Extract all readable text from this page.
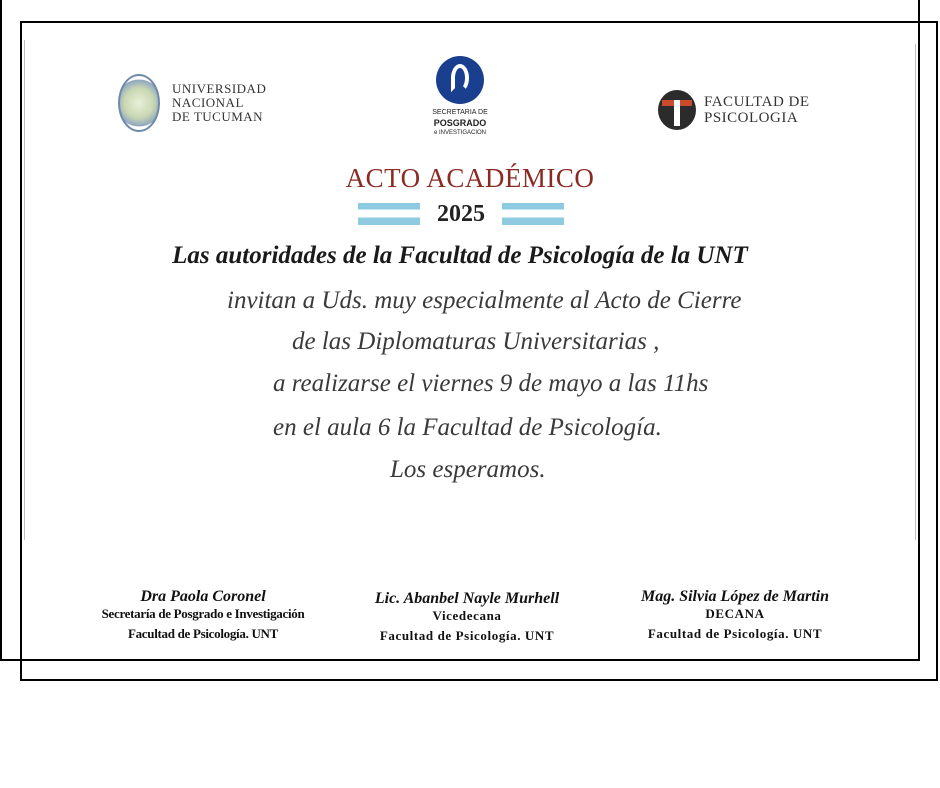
UNIVERSIDAD
NACIONAL
DE TUCUMAN	SECRETARIA DE
POSGRADO
e INVESTIGACION
FACULTAD DE
PSICOLOGIA
ACTO ACADÉMICO
2025
Las autoridades de la Facultad de Psicología de la UNT
invitan a Uds. muy especialmente al Acto de Cierre
de las Diplomaturas Universitarias ,
a realizarse el viernes 9 de mayo a las 11hs
en el aula 6 la Facultad de Psicología.
Los esperamos.
Dra Paola Coronel
Secretaría de Posgrado e Investigación
Facultad de Psicología. UNT
Lic. Abanbel Nayle Murhell
Vicedecana
Facultad de Psicología. UNT
Mag. Silvia López de Martin
DECANA
Facultad de Psicología. UNT
